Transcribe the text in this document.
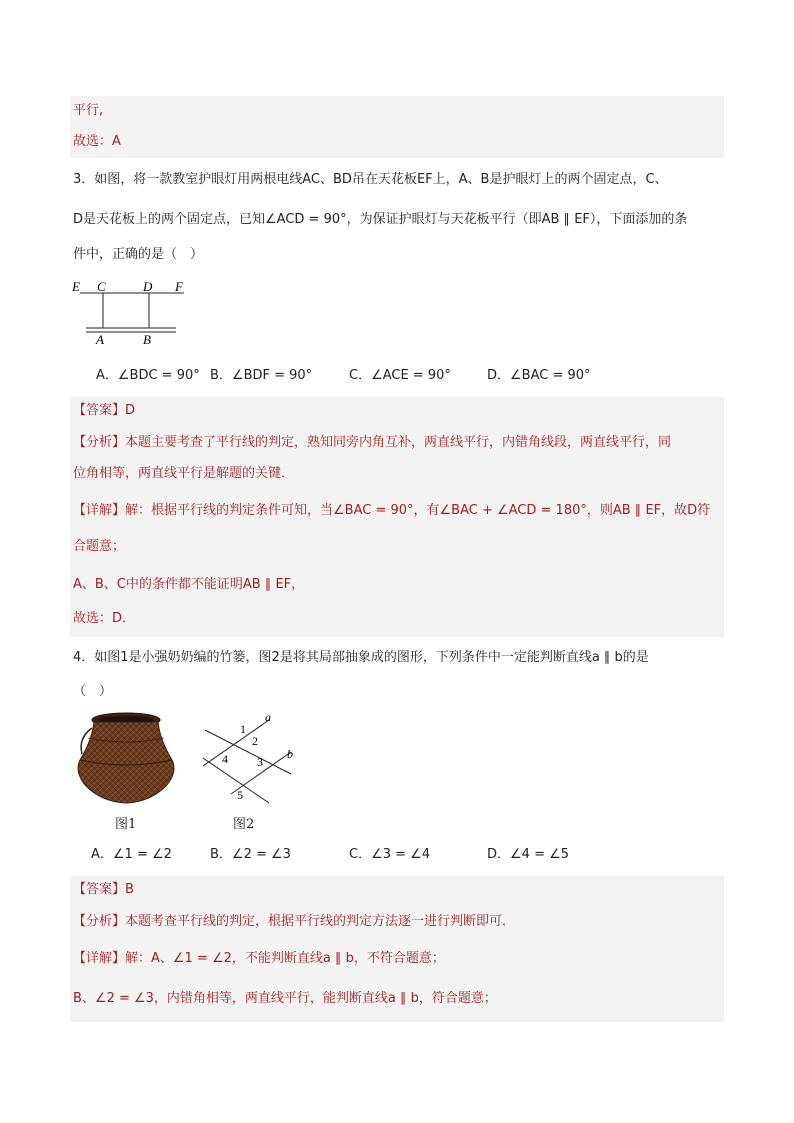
平行,
故选：A
3．如图，将一款教室护眼灯用两根电线AC、BD吊在天花板EF上，A、B是护眼灯上的两个固定点，C、
D是天花板上的两个固定点，已知∠ACD = 90°，为保证护眼灯与天花板平行（即AB ∥ EF），下面添加的条
件中，正确的是（　）
E C	D F
A	B
A．∠BDC = 90° B．∠BDF = 90°	C．∠ACE = 90°	D．∠BAC = 90°
【答案】D
【分析】本题主要考查了平行线的判定，熟知同旁内角互补，两直线平行，内错角线段，两直线平行，同
位角相等，两直线平行是解题的关键．
【详解】解：根据平行线的判定条件可知，当∠BAC = 90°，有∠BAC + ∠ACD = 180°，则AB ∥ EF，故D符
合题意；
A、B、C中的条件都不能证明AB ∥ EF，
故选：D．
4．如图1是小强奶奶编的竹篓，图2是将其局部抽象成的图形，下列条件中一定能判断直线a ∥ b的是
（　）
a
b
1
2
3
4
5
图1	图2
A．∠1 = ∠2	B．∠2 = ∠3	C．∠3 = ∠4	D．∠4 = ∠5
【答案】B
【分析】本题考查平行线的判定，根据平行线的判定方法逐一进行判断即可．
【详解】解：A、∠1 = ∠2，不能判断直线a ∥ b，不符合题意；
B、∠2 = ∠3，内错角相等，两直线平行，能判断直线a ∥ b，符合题意；
